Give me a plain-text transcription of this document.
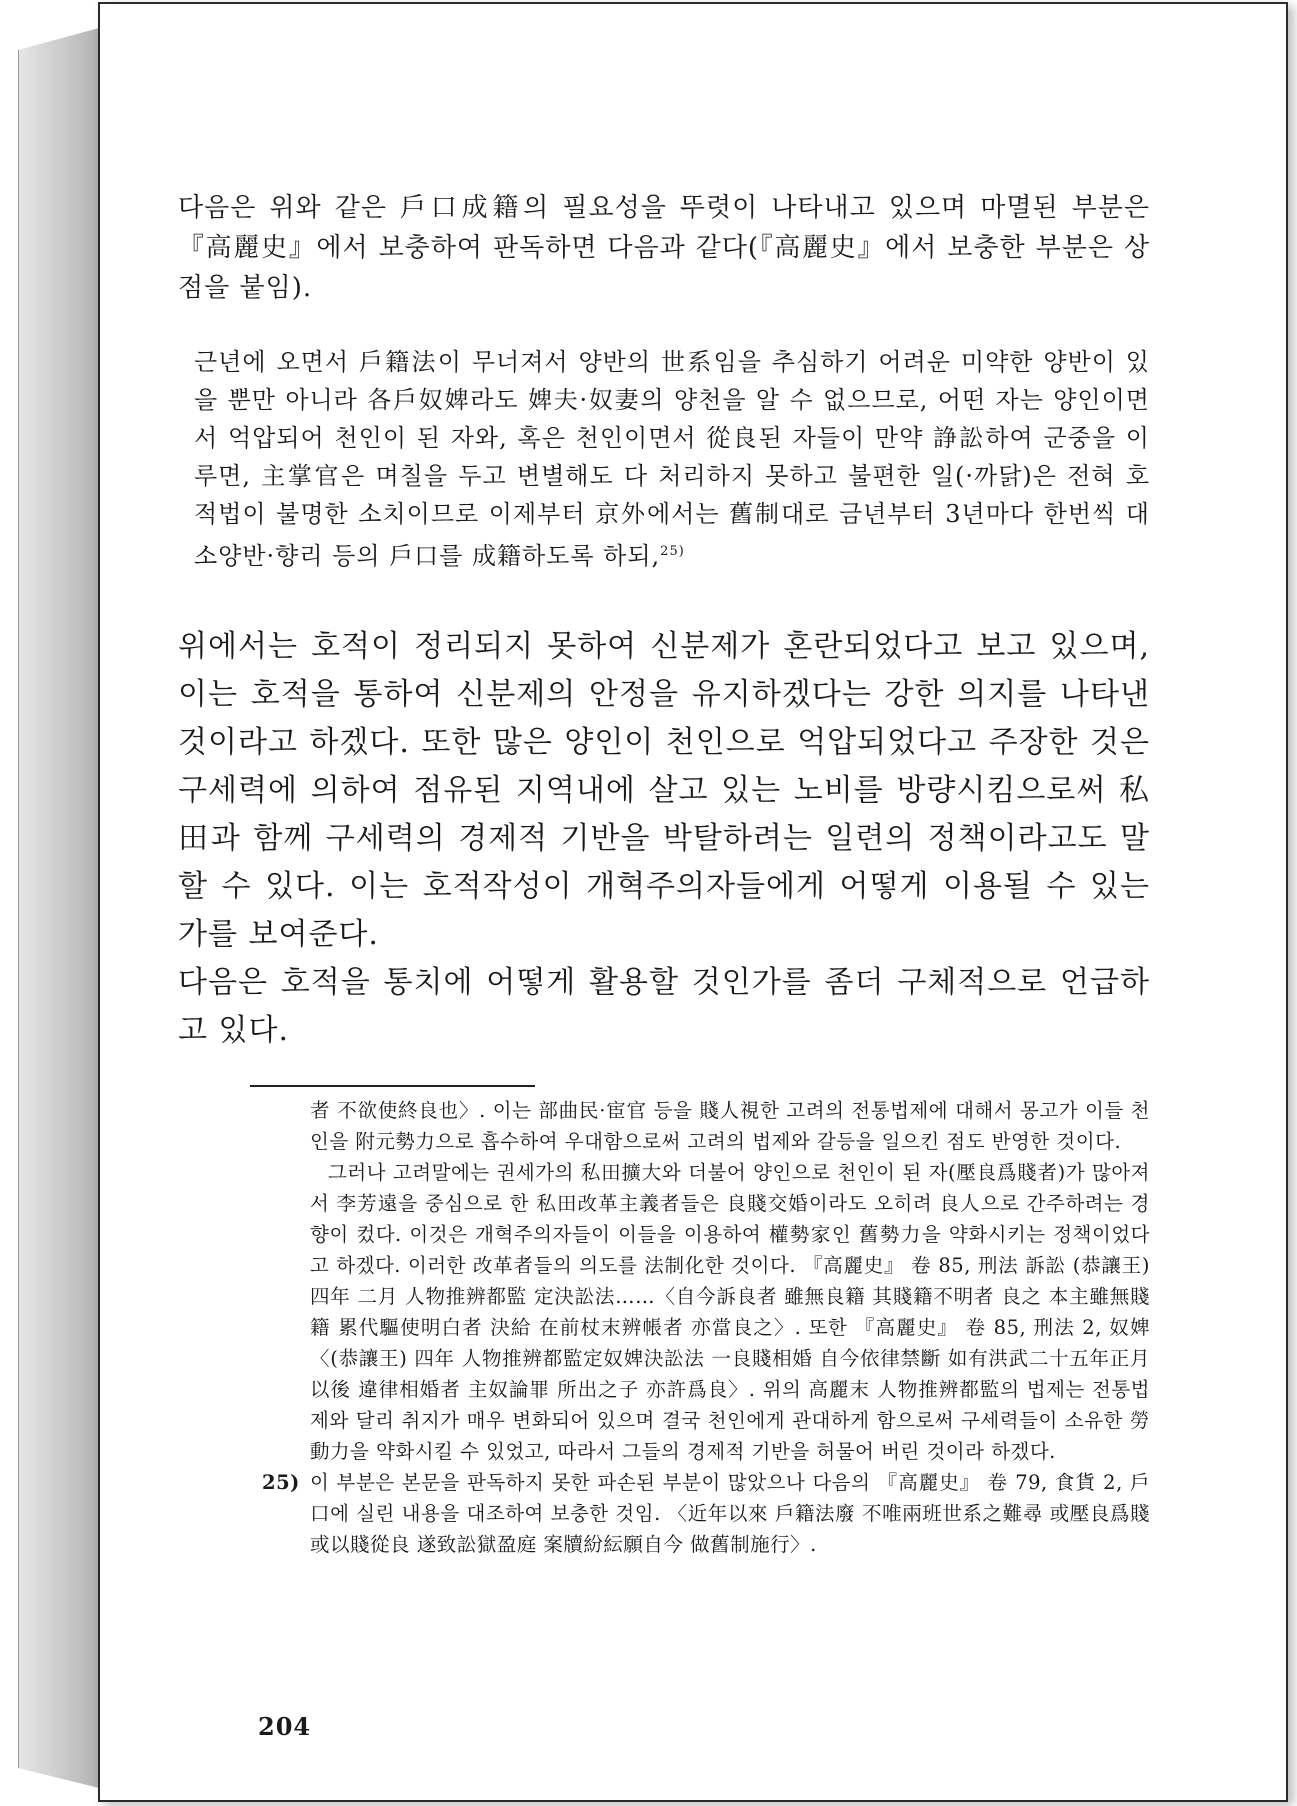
다음은 위와 같은 戶口成籍의 필요성을 뚜렷이 나타내고 있으며 마멸된 부분은 『高麗史』에서 보충하여 판독하면 다음과 같다(『高麗史』에서 보충한 부분은 상점을 붙임).

근년에 오면서 戶籍法이 무너져서 양반의 世系임을 추심하기 어려운 미약한 양반이 있을 뿐만 아니라 各戶奴婢라도 婢夫·奴妻의 양천을 알 수 없으므로, 어떤 자는 양인이면서 억압되어 천인이 된 자와, 혹은 천인이면서 從良된 자들이 만약 諍訟하여 군중을 이루면, 主掌官은 며칠을 두고 변별해도 다 처리하지 못하고 불편한 일(·까닭)은 전혀 호적법이 불명한 소치이므로 이제부터 京外에서는 舊制대로 금년부터 3년마다 한번씩 대소양반·향리 등의 戶口를 成籍하도록 하되,$^{25)}$

위에서는 호적이 정리되지 못하여 신분제가 혼란되었다고 보고 있으며, 이는 호적을 통하여 신분제의 안정을 유지하겠다는 강한 의지를 나타낸 것이라고 하겠다. 또한 많은 양인이 천인으로 억압되었다고 주장한 것은 구세력에 의하여 점유된 지역내에 살고 있는 노비를 방량시킴으로써 私田과 함께 구세력의 경제적 기반을 박탈하려는 일련의 정책이라고도 말할 수 있다. 이는 호적작성이 개혁주의자들에게 어떻게 이용될 수 있는가를 보여준다.

다음은 호적을 통치에 어떻게 활용할 것인가를 좀더 구체적으로 언급하고 있다.

者 不欲使終良也〉. 이는 部曲民·宦官 등을 賤人視한 고려의 전통법제에 대해서 몽고가 이들 천인을 附元勢力으로 흡수하여 우대함으로써 고려의 법제와 갈등을 일으킨 점도 반영한 것이다.

그러나 고려말에는 권세가의 私田擴大와 더불어 양인으로 천인이 된 자(壓良爲賤者)가 많아져서 李芳遠을 중심으로 한 私田改革主義者들은 良賤交婚이라도 오히려 良人으로 간주하려는 경향이 컸다. 이것은 개혁주의자들이 이들을 이용하여 權勢家인 舊勢力을 약화시키는 정책이었다고 하겠다. 이러한 改革者들의 의도를 法制化한 것이다. 『高麗史』 卷 85, 刑法 訴訟 (恭讓王) 四年 二月 人物推辨都監 定決訟法……〈自今訴良者 雖無良籍 其賤籍不明者 良之 本主雖無賤籍 累代驅使明白者 決給 在前杖末辨帳者 亦當良之〉. 또한 『高麗史』 卷 85, 刑法 2, 奴婢 〈(恭讓王) 四年 人物推辨都監定奴婢決訟法 一良賤相婚 自今依律禁斷 如有洪武二十五年正月 以後 違律相婚者 主奴論罪 所出之子 亦許爲良〉. 위의 高麗末 人物推辨都監의 법제는 전통법제와 달리 취지가 매우 변화되어 있으며 결국 천인에게 관대하게 함으로써 구세력들이 소유한 勞動力을 약화시킬 수 있었고, 따라서 그들의 경제적 기반을 허물어 버린 것이라 하겠다.

25) 이 부분은 본문을 판독하지 못한 파손된 부분이 많았으나 다음의 『高麗史』 卷 79, 食貨 2, 戶口에 실린 내용을 대조하여 보충한 것임. 〈近年以來 戶籍法廢 不唯兩班世系之難尋 或壓良爲賤 或以賤從良 遂致訟獄盈庭 案牘紛紜願自今 做舊制施行〉.
204
